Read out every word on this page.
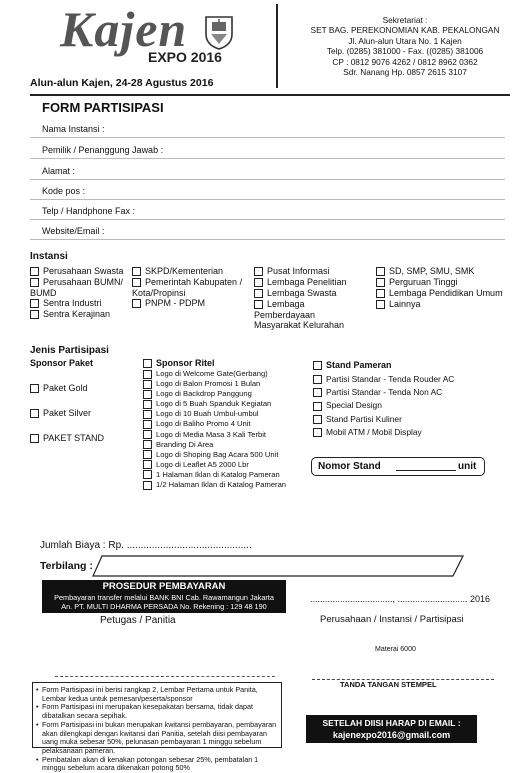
Kajen
EXPO 2016
Alun-alun Kajen, 24-28 Agustus 2016
Sekretariat :
SET BAG. PEREKONOMIAN KAB. PEKALONGAN
Jl. Alun-alun Utara No. 1 Kajen
Telp. (0285) 381000 - Fax. ((0285) 381006
CP : 0812 9076 4262 / 0812 8962 0362
Sdr. Nanang Hp. 0857 2615 3107
FORM PARTISIPASI
Nama Instansi :
Pemilik / Penanggung Jawab :
Alamat :
Kode pos :
Telp / Handphone Fax :
Website/Email :
Instansi
Perusahaan Swasta
Perusahaan BUMN/ BUMD
Sentra Industri
Sentra Kerajinan
SKPD/Kementerian
Pemerintah Kabupaten / Kota/Propinsi
PNPM - PDPM
Pusat Informasi
Lembaga Penelitian
Lembaga Swasta
Lembaga Pemberdayaan Masyarakat Kelurahan
SD, SMP, SMU, SMK
Perguruan Tinggi
Lembaga Pendidikan Umum
Lainnya
Jenis Partisipasi
Sponsor Paket
Paket Gold
Paket Silver
PAKET STAND
Sponsor Ritel
Logo di Welcome Gate(Gerbang)
Logo di Balon Promosi 1 Bulan
Logo di Backdrop Panggung
Logo di 5 Buah Spanduk Kegiatan
Logo di 10 Buah Umbul-umbul
Logo di Baliho Promo 4 Unit
Logo di Media Masa 3 Kali Terbit
Branding Di Area
Logo di Shoping Bag Acara 500 Unit
Logo di Leaflet A5 2000 Lbr
1 Halaman Iklan di Katalog Pameran
1/2 Halaman Iklan di Katalog Pameran
Stand Pameran
Partisi Standar - Tenda Rouder AC
Partisi Standar - Tenda Non AC
Special Design
Stand Partisi Kuliner
Mobil ATM / Mobil Display
Nomor Stand	unit
Jumlah Biaya : Rp. .............................................
Terbilang :
PROSEDUR PEMBAYARAN
Pembayaran transfer melalui BANK BNI Cab. Rawamangun Jakarta
An. PT. MULTI DHARMA PERSADA No. Rekening : 129 48 190
Petugas / Panitia
................................., ............................ 2016
Perusahaan / Instansi / Partisipasi
Materai 6000
TANDA TANGAN STEMPEL
• Form Partisipasi ini berisi rangkap 2, Lembar Pertama untuk Panita, Lembar kedua untuk pemesan/peserta/sponsor
• Form Partisipasi ini merupakan kesepakatan bersama, tidak dapat dibatalkan secara sepihak.
• Form Partisipasi ini bukan merupakan kwitansi pembayaran, pembayaran akan dilengkapi dengan kwitansi dari Panitia, setelah diisi pembayaran uang muka sebesar 50%, pelunasan pembayaran 1 minggu sebelum pelaksanaan pameran.
• Pembatalan akan di kenakan potongan sebesar 25%, pembatalan 1 minggu sebelum acara dikenakan potong 50%
SETELAH DIISI HARAP DI EMAIL :
kajenexpo2016@gmail.com
